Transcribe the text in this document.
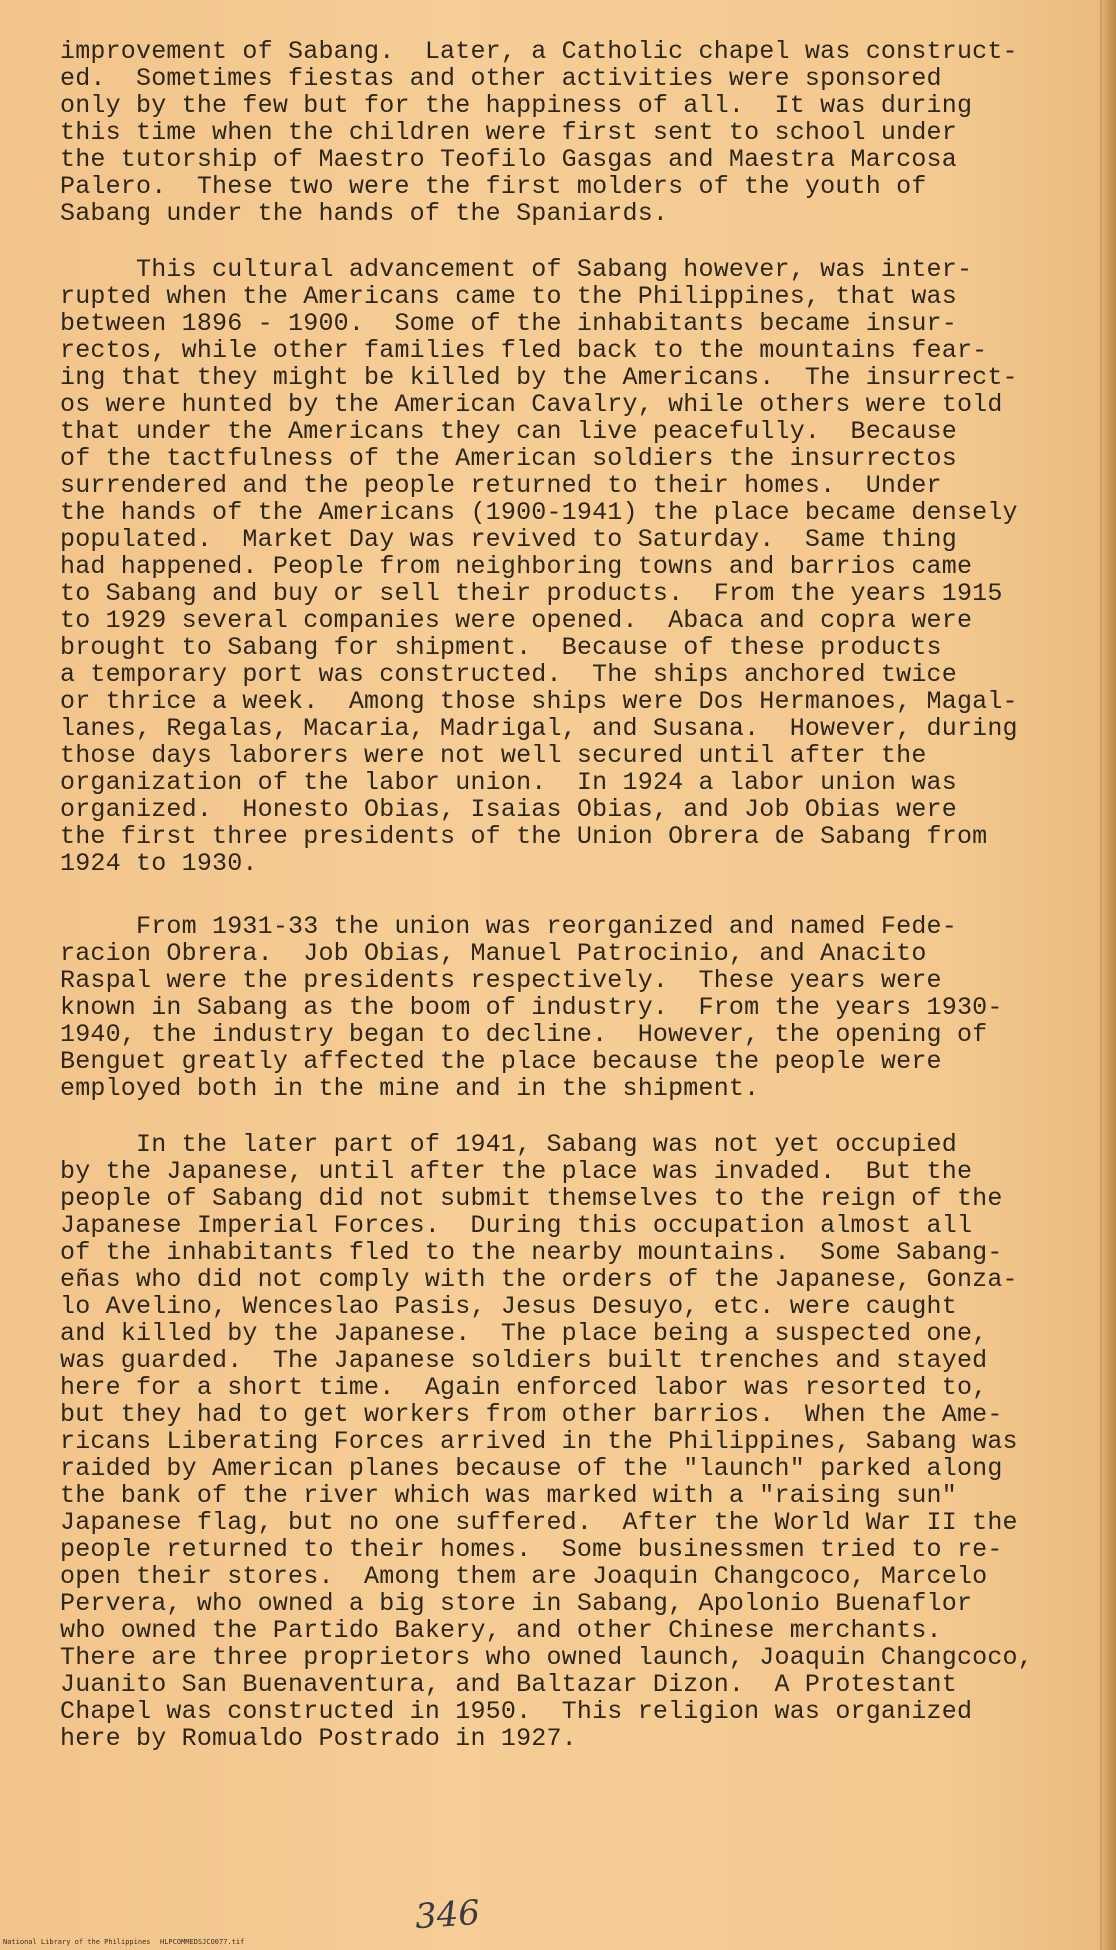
improvement of Sabang.  Later, a Catholic chapel was construct-
ed.  Sometimes fiestas and other activities were sponsored
only by the few but for the happiness of all.  It was during
this time when the children were first sent to school under
the tutorship of Maestro Teofilo Gasgas and Maestra Marcosa
Palero.  These two were the first molders of the youth of
Sabang under the hands of the Spaniards.
This cultural advancement of Sabang however, was inter-
rupted when the Americans came to the Philippines, that was
between 1896 - 1900.  Some of the inhabitants became insur-
rectos, while other families fled back to the mountains fear-
ing that they might be killed by the Americans.  The insurrect-
os were hunted by the American Cavalry, while others were told
that under the Americans they can live peacefully.  Because
of the tactfulness of the American soldiers the insurrectos
surrendered and the people returned to their homes.  Under
the hands of the Americans (1900-1941) the place became densely
populated.  Market Day was revived to Saturday.  Same thing
had happened. People from neighboring towns and barrios came
to Sabang and buy or sell their products.  From the years 1915
to 1929 several companies were opened.  Abaca and copra were
brought to Sabang for shipment.  Because of these products
a temporary port was constructed.  The ships anchored twice
or thrice a week.  Among those ships were Dos Hermanoes, Magal-
lanes, Regalas, Macaria, Madrigal, and Susana.  However, during
those days laborers were not well secured until after the
organization of the labor union.  In 1924 a labor union was
organized.  Honesto Obias, Isaias Obias, and Job Obias were
the first three presidents of the Union Obrera de Sabang from
1924 to 1930.
From 1931-33 the union was reorganized and named Fede-
racion Obrera.  Job Obias, Manuel Patrocinio, and Anacito
Raspal were the presidents respectively.  These years were
known in Sabang as the boom of industry.  From the years 1930-
1940, the industry began to decline.  However, the opening of
Benguet greatly affected the place because the people were
employed both in the mine and in the shipment.
In the later part of 1941, Sabang was not yet occupied
by the Japanese, until after the place was invaded.  But the
people of Sabang did not submit themselves to the reign of the
Japanese Imperial Forces.  During this occupation almost all
of the inhabitants fled to the nearby mountains.  Some Sabang-
eñas who did not comply with the orders of the Japanese, Gonza-
lo Avelino, Wenceslao Pasis, Jesus Desuyo, etc. were caught
and killed by the Japanese.  The place being a suspected one,
was guarded.  The Japanese soldiers built trenches and stayed
here for a short time.  Again enforced labor was resorted to,
but they had to get workers from other barrios.  When the Ame-
ricans Liberating Forces arrived in the Philippines, Sabang was
raided by American planes because of the "launch" parked along
the bank of the river which was marked with a "raising sun"
Japanese flag, but no one suffered.  After the World War II the
people returned to their homes.  Some businessmen tried to re-
open their stores.  Among them are Joaquin Changcoco, Marcelo
Pervera, who owned a big store in Sabang, Apolonio Buenaflor
who owned the Partido Bakery, and other Chinese merchants.
There are three proprietors who owned launch, Joaquin Changcoco,
Juanito San Buenaventura, and Baltazar Dizon.  A Protestant
Chapel was constructed in 1950.  This religion was organized
here by Romualdo Postrado in 1927.
346
National Library of the Philippines HLPCOMMEDSJCO077.tif
